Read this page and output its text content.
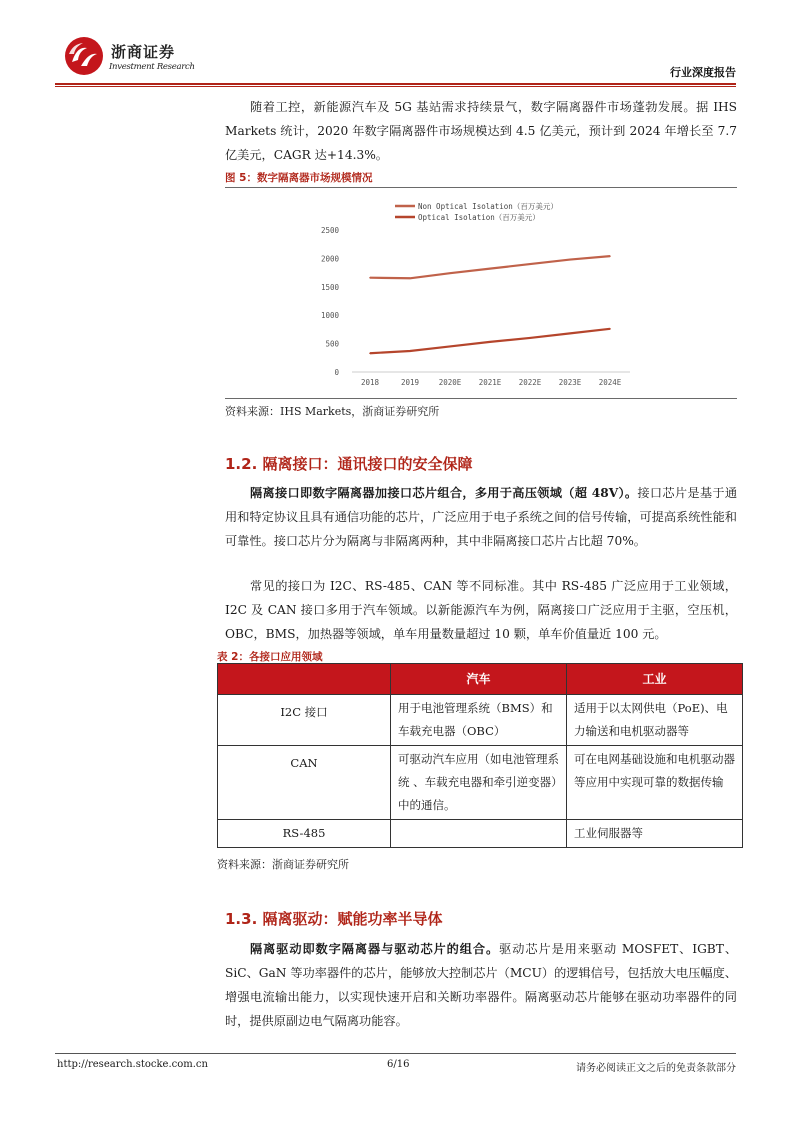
浙商证券
Investment Research	行业深度报告
随着工控，新能源汽车及 5G 基站需求持续景气，数字隔离器件市场蓬勃发展。据 IHS Markets 统计，2020 年数字隔离器件市场规模达到 4.5 亿美元，预计到 2024 年增长至 7.7 亿美元，CAGR 达+14.3%。
图 5：数字隔离器市场规模情况
Non Optical Isolation（百万美元）
Optical Isolation（百万美元）
0
500
1000
1500
2000
2500
2018	2019	2020E 2021E 2022E 2023E 2024E
资料来源：IHS Markets，浙商证券研究所
1.2. 隔离接口：通讯接口的安全保障
隔离接口即数字隔离器加接口芯片组合，多用于高压领域（超 48V）。接口芯片是基于通用和特定协议且具有通信功能的芯片，广泛应用于电子系统之间的信号传输，可提高系统性能和可靠性。接口芯片分为隔离与非隔离两种，其中非隔离接口芯片占比超 70%。
常见的接口为 I2C、RS-485、CAN 等不同标准。其中 RS-485 广泛应用于工业领域，I2C 及 CAN 接口多用于汽车领域。以新能源汽车为例，隔离接口广泛应用于主驱，空压机，OBC，BMS，加热器等领域，单车用量数量超过 10 颗，单车价值量近 100 元。
表 2：各接口应用领域
	汽车	工业
I2C 接口	用于电池管理系统（BMS）和车载充电器（OBC）	适用于以太网供电（PoE)、电力输送和电机驱动器等
CAN	可驱动汽车应用（如电池管理系统 、车载充电器和牵引逆变器）中的通信。	可在电网基础设施和电机驱动器等应用中实现可靠的数据传输
RS-485		工业伺服器等
资料来源：浙商证券研究所
1.3. 隔离驱动：赋能功率半导体
隔离驱动即数字隔离器与驱动芯片的组合。驱动芯片是用来驱动 MOSFET、IGBT、SiC、GaN 等功率器件的芯片，能够放大控制芯片（MCU）的逻辑信号，包括放大电压幅度、增强电流输出能力，以实现快速开启和关断功率器件。隔离驱动芯片能够在驱动功率器件的同时，提供原副边电气隔离功能容。
http://research.stocke.com.cn	6/16	请务必阅读正文之后的免责条款部分
